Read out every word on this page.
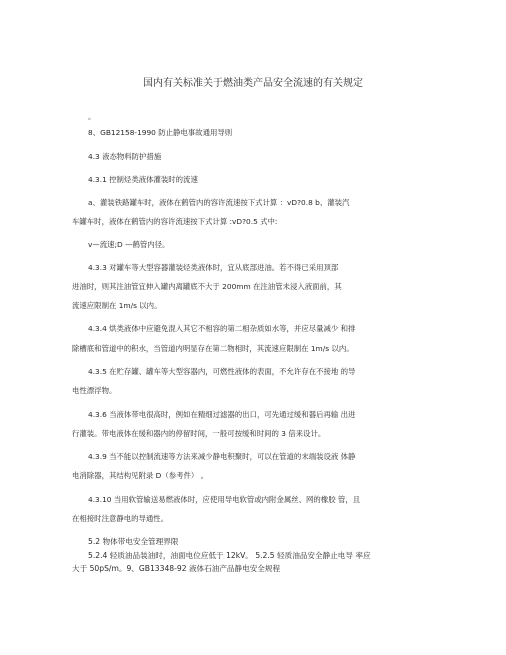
国内有关标准关于燃油类产品安全流速的有关规定
。
8、GB12158-1990 防止静电事故通用导则
4.3 液态物料防护措施
4.3.1 控制烃类液体灌装时的流速
a、灌装铁路罐车时，液体在鹤管内的容许流速按下式计算 ：vD?0.8 b、灌装汽
车罐车时，液体在鹤管内的容许流速按下式计算 :vD?0.5 式中:
v—流速;D —鹤管内径。
4.3.3 对罐车等大型容器灌装烃类液体时，宜从底部进油。若不得已采用顶部
进油时，则其注油管宜伸入罐内离罐底不大于 200mm 在注油管未浸入液面前，其
流速应限制在 1m/s 以内。
4.3.4 烘类液体中应避免混入其它不相容的第二相杂质如水等，并应尽量减少 和排
除槽底和管道中的积水，当管道内明显存在第二物相时，其流速应限制在 1m/s 以内。
4.3.5 在贮存罐、罐车等大型容器内，可燃性液体的表面，不允许存在不接地 的导
电性漂浮物。
4.3.6 当液体带电很高时，例如在精细过滤器的出口，可先通过缓和器后再输 出进
行灌装。带电液体在缓和器内的停留时间，一般可按缓和时间的 3 倍来设计。
4.3.9 当不能以控制流速等方法来减少静电积聚时，可以在管道的末端装设液 体静
电消除器，其结构见附录 D（参考件） 。
4.3.10 当用软管输送易燃液体时，应使用导电软管或内附金属丝、网的橡胶 管，且
在相接时注意静电的导通性。
5.2 物体带电安全管理界限
5.2.4 轻质油品装油时，油面电位应低于 12kV。 5.2.5 轻质油品安全静止电导 率应
大于 50pS/m。9、GB13348-92 液体石油产品静电安全规程
